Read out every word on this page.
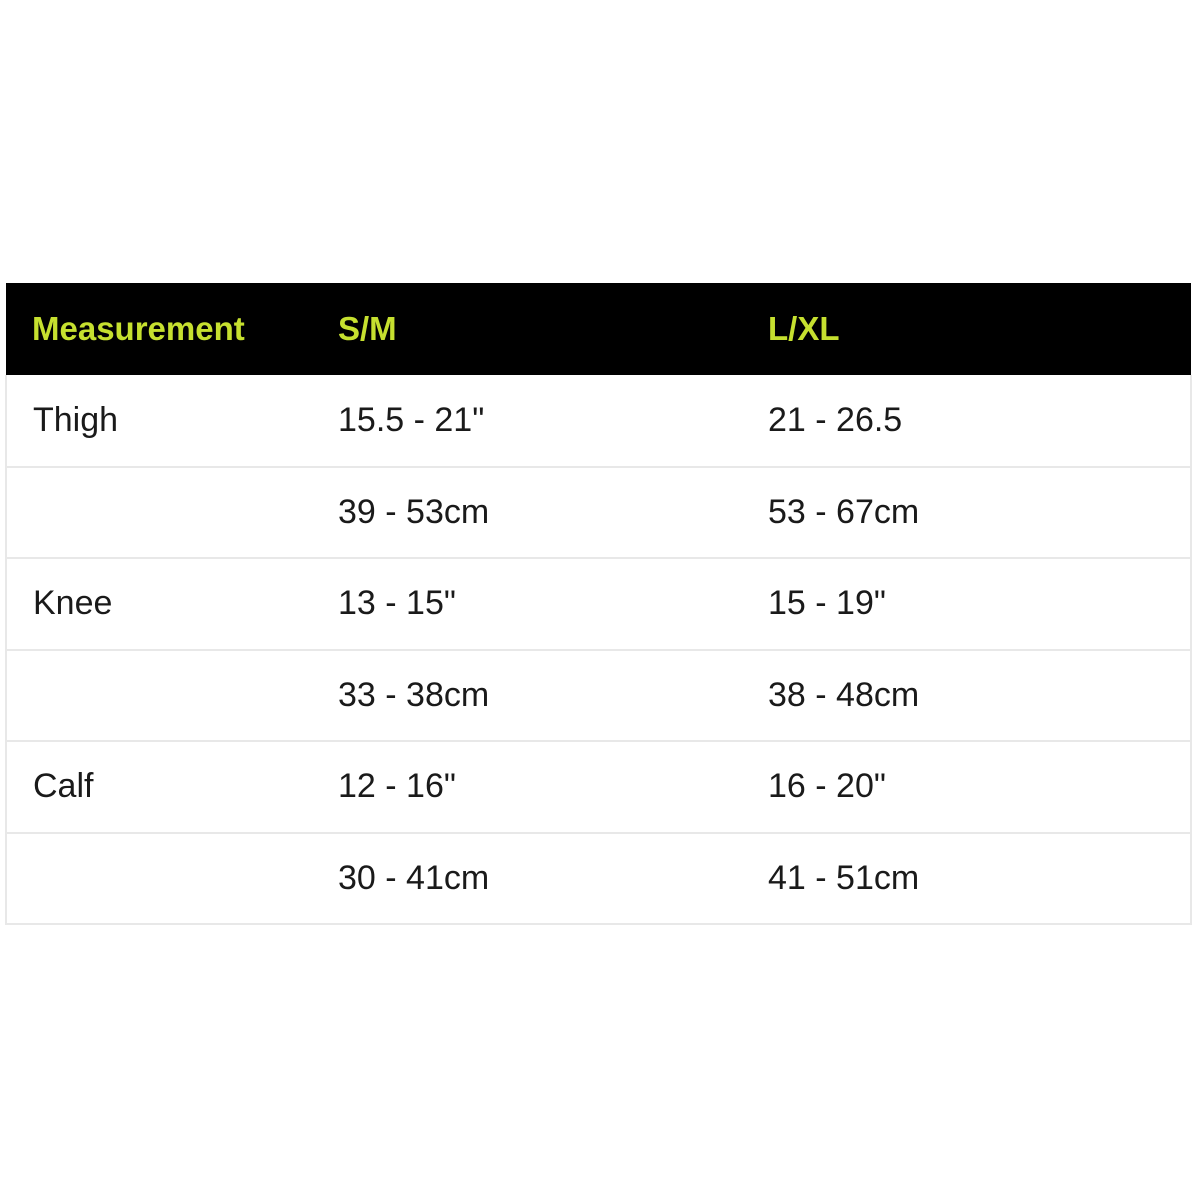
Measurement	S/M	L/XL
Thigh	15.5 - 21"	21 - 26.5
	39 - 53cm	53 - 67cm
Knee	13 - 15"	15 - 19"
	33 - 38cm	38 - 48cm
Calf	12 - 16"	16 - 20"
	30 - 41cm	41 - 51cm
